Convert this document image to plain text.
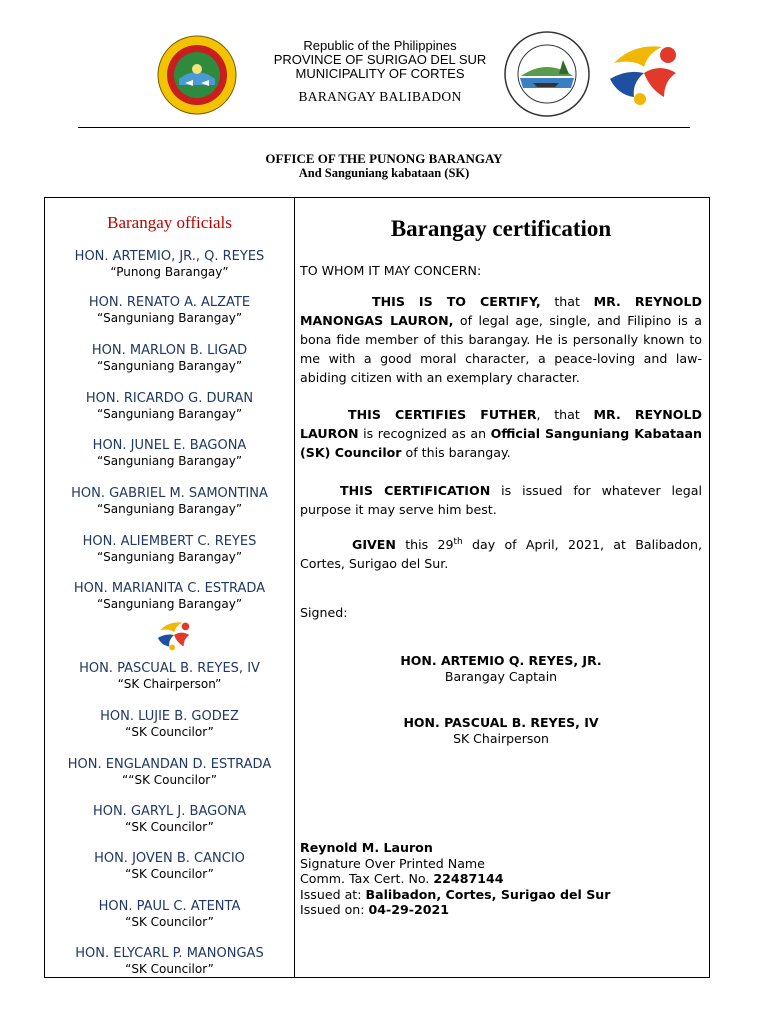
Republic of the Philippines
PROVINCE OF SURIGAO DEL SUR
MUNICIPALITY OF CORTES
BARANGAY BALIBADON
OFFICE OF THE PUNONG BARANGAY
And Sanguniang kabataan (SK)
Barangay officials
HON. ARTEMIO, JR., Q. REYES
“Punong Barangay”
HON. RENATO A. ALZATE
“Sanguniang Barangay”
HON. MARLON B. LIGAD
“Sanguniang Barangay”
HON. RICARDO G. DURAN
“Sanguniang Barangay”
HON. JUNEL E. BAGONA
“Sanguniang Barangay”
HON. GABRIEL M. SAMONTINA
“Sanguniang Barangay”
HON. ALIEMBERT C. REYES
“Sanguniang Barangay”
HON. MARIANITA C. ESTRADA
“Sanguniang Barangay”
HON. PASCUAL B. REYES, IV
“SK Chairperson”
HON. LUJIE B. GODEZ
“SK Councilor”
HON. ENGLANDAN D. ESTRADA
““SK Councilor”
HON. GARYL J. BAGONA
“SK Councilor”
HON. JOVEN B. CANCIO
“SK Councilor”
HON. PAUL C. ATENTA
“SK Councilor”
HON. ELYCARL P. MANONGAS
“SK Councilor”
Barangay certification
TO WHOM IT MAY CONCERN:
THIS IS TO CERTIFY, that MR. REYNOLD MANONGAS LAURON, of legal age, single, and Filipino is a bona fide member of this barangay. He is personally known to me with a good moral character, a peace-loving and law-abiding citizen with an exemplary character.
THIS CERTIFIES FUTHER, that MR. REYNOLD LAURON is recognized as an Official Sanguniang Kabataan (SK) Councilor of this barangay.
THIS CERTIFICATION is issued for whatever legal purpose it may serve him best.
GIVEN this 29th day of April, 2021, at Balibadon, Cortes, Surigao del Sur.
Signed:
HON. ARTEMIO Q. REYES, JR.
Barangay Captain
HON. PASCUAL B. REYES, IV
SK Chairperson
Reynold M. Lauron
Signature Over Printed Name
Comm. Tax Cert. No. 22487144
Issued at: Balibadon, Cortes, Surigao del Sur
Issued on: 04-29-2021
